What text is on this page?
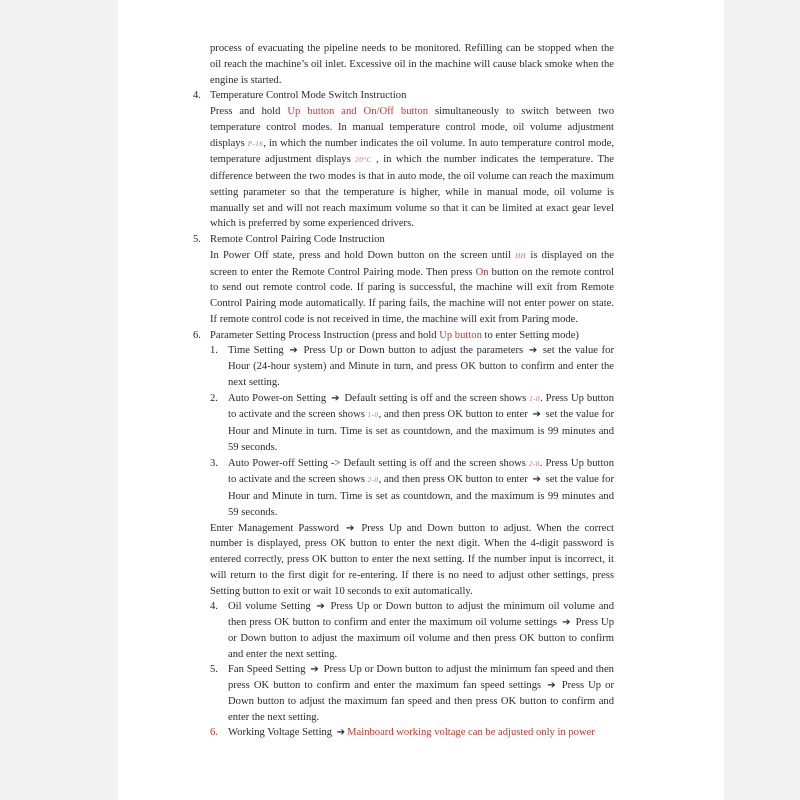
process of evacuating the pipeline needs to be monitored. Refilling can be stopped when the oil reach the machine’s oil inlet. Excessive oil in the machine will cause black smoke when the engine is started.

4. Temperature Control Mode Switch Instruction

Press and hold Up button and On/Off button simultaneously to switch between two temperature control modes. In manual temperature control mode, oil volume adjustment displays P-16, in which the number indicates the oil volume. In auto temperature control mode, temperature adjustment displays 20°C , in which the number indicates the temperature. The difference between the two modes is that in auto mode, the oil volume can reach the maximum setting parameter so that the temperature is higher, while in manual mode, oil volume is manually set and will not reach maximum volume so that it can be limited at exact gear level which is preferred by some experienced drivers.

5. Remote Control Pairing Code Instruction

In Power Off state, press and hold Down button on the screen until HH is displayed on the screen to enter the Remote Control Pairing mode. Then press On button on the remote control to send out remote control code. If paring is successful, the machine will exit from Remote Control Pairing mode automatically. If paring fails, the machine will not enter power on state. If remote control code is not received in time, the machine will exit from Paring mode.

6. Parameter Setting Process Instruction (press and hold Up button to enter Setting mode)

1. Time Setting ➔ Press Up or Down button to adjust the parameters ➔ set the value for Hour (24-hour system) and Minute in turn, and press OK button to confirm and enter the next setting.

2. Auto Power-on Setting ➔ Default setting is off and the screen shows 1-0. Press Up button to activate and the screen shows 1-0, and then press OK button to enter ➔ set the value for Hour and Minute in turn. Time is set as countdown, and the maximum is 99 minutes and 59 seconds.

3. Auto Power-off Setting -> Default setting is off and the screen shows 2-0. Press Up button to activate and the screen shows 2-0, and then press OK button to enter ➔ set the value for Hour and Minute in turn. Time is set as countdown, and the maximum is 99 minutes and 59 seconds.

Enter Management Password ➔ Press Up and Down button to adjust. When the correct number is displayed, press OK button to enter the next digit. When the 4-digit password is entered correctly, press OK button to enter the next setting. If the number input is incorrect, it will return to the first digit for re-entering. If there is no need to adjust other settings, press Setting button to exit or wait 10 seconds to exit automatically.

4. Oil volume Setting ➔ Press Up or Down button to adjust the minimum oil volume and then press OK button to confirm and enter the maximum oil volume settings ➔ Press Up or Down button to adjust the maximum oil volume and then press OK button to confirm and enter the next setting.

5. Fan Speed Setting ➔ Press Up or Down button to adjust the minimum fan speed and then press OK button to confirm and enter the maximum fan speed settings ➔ Press Up or Down button to adjust the maximum fan speed and then press OK button to confirm and enter the next setting.

6. Working Voltage Setting ➔ Mainboard working voltage can be adjusted only in power
